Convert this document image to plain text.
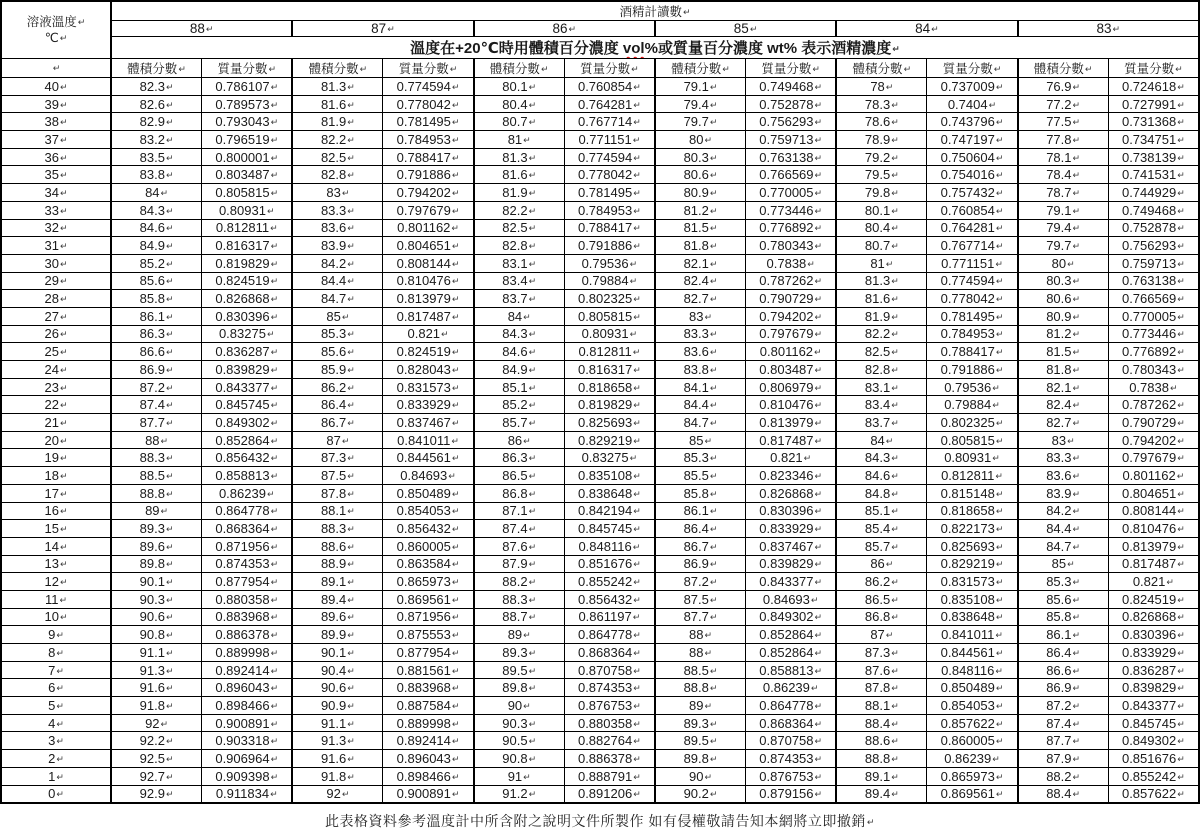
溶液溫度↵
℃↵	酒精計讀數↵											
	88↵		87↵		86↵		85↵		84↵		83↵	
	溫度在+20℃時用體積百分濃度 vol%或質量百分濃度 wt% 表示酒精濃度↵											
↵	體積分數↵	質量分數↵	體積分數↵	質量分數↵	體積分數↵	質量分數↵	體積分數↵	質量分數↵	體積分數↵	質量分數↵	體積分數↵	質量分數↵
40↵	82.3↵	0.786107↵	81.3↵	0.774594↵	80.1↵	0.760854↵	79.1↵	0.749468↵	78↵	0.737009↵	76.9↵	0.724618↵
39↵	82.6↵	0.789573↵	81.6↵	0.778042↵	80.4↵	0.764281↵	79.4↵	0.752878↵	78.3↵	0.7404↵	77.2↵	0.727991↵
38↵	82.9↵	0.793043↵	81.9↵	0.781495↵	80.7↵	0.767714↵	79.7↵	0.756293↵	78.6↵	0.743796↵	77.5↵	0.731368↵
37↵	83.2↵	0.796519↵	82.2↵	0.784953↵	81↵	0.771151↵	80↵	0.759713↵	78.9↵	0.747197↵	77.8↵	0.734751↵
36↵	83.5↵	0.800001↵	82.5↵	0.788417↵	81.3↵	0.774594↵	80.3↵	0.763138↵	79.2↵	0.750604↵	78.1↵	0.738139↵
35↵	83.8↵	0.803487↵	82.8↵	0.791886↵	81.6↵	0.778042↵	80.6↵	0.766569↵	79.5↵	0.754016↵	78.4↵	0.741531↵
34↵	84↵	0.805815↵	83↵	0.794202↵	81.9↵	0.781495↵	80.9↵	0.770005↵	79.8↵	0.757432↵	78.7↵	0.744929↵
33↵	84.3↵	0.80931↵	83.3↵	0.797679↵	82.2↵	0.784953↵	81.2↵	0.773446↵	80.1↵	0.760854↵	79.1↵	0.749468↵
32↵	84.6↵	0.812811↵	83.6↵	0.801162↵	82.5↵	0.788417↵	81.5↵	0.776892↵	80.4↵	0.764281↵	79.4↵	0.752878↵
31↵	84.9↵	0.816317↵	83.9↵	0.804651↵	82.8↵	0.791886↵	81.8↵	0.780343↵	80.7↵	0.767714↵	79.7↵	0.756293↵
30↵	85.2↵	0.819829↵	84.2↵	0.808144↵	83.1↵	0.79536↵	82.1↵	0.7838↵	81↵	0.771151↵	80↵	0.759713↵
29↵	85.6↵	0.824519↵	84.4↵	0.810476↵	83.4↵	0.79884↵	82.4↵	0.787262↵	81.3↵	0.774594↵	80.3↵	0.763138↵
28↵	85.8↵	0.826868↵	84.7↵	0.813979↵	83.7↵	0.802325↵	82.7↵	0.790729↵	81.6↵	0.778042↵	80.6↵	0.766569↵
27↵	86.1↵	0.830396↵	85↵	0.817487↵	84↵	0.805815↵	83↵	0.794202↵	81.9↵	0.781495↵	80.9↵	0.770005↵
26↵	86.3↵	0.83275↵	85.3↵	0.821↵	84.3↵	0.80931↵	83.3↵	0.797679↵	82.2↵	0.784953↵	81.2↵	0.773446↵
25↵	86.6↵	0.836287↵	85.6↵	0.824519↵	84.6↵	0.812811↵	83.6↵	0.801162↵	82.5↵	0.788417↵	81.5↵	0.776892↵
24↵	86.9↵	0.839829↵	85.9↵	0.828043↵	84.9↵	0.816317↵	83.8↵	0.803487↵	82.8↵	0.791886↵	81.8↵	0.780343↵
23↵	87.2↵	0.843377↵	86.2↵	0.831573↵	85.1↵	0.818658↵	84.1↵	0.806979↵	83.1↵	0.79536↵	82.1↵	0.7838↵
22↵	87.4↵	0.845745↵	86.4↵	0.833929↵	85.2↵	0.819829↵	84.4↵	0.810476↵	83.4↵	0.79884↵	82.4↵	0.787262↵
21↵	87.7↵	0.849302↵	86.7↵	0.837467↵	85.7↵	0.825693↵	84.7↵	0.813979↵	83.7↵	0.802325↵	82.7↵	0.790729↵
20↵	88↵	0.852864↵	87↵	0.841011↵	86↵	0.829219↵	85↵	0.817487↵	84↵	0.805815↵	83↵	0.794202↵
19↵	88.3↵	0.856432↵	87.3↵	0.844561↵	86.3↵	0.83275↵	85.3↵	0.821↵	84.3↵	0.80931↵	83.3↵	0.797679↵
18↵	88.5↵	0.858813↵	87.5↵	0.84693↵	86.5↵	0.835108↵	85.5↵	0.823346↵	84.6↵	0.812811↵	83.6↵	0.801162↵
17↵	88.8↵	0.86239↵	87.8↵	0.850489↵	86.8↵	0.838648↵	85.8↵	0.826868↵	84.8↵	0.815148↵	83.9↵	0.804651↵
16↵	89↵	0.864778↵	88.1↵	0.854053↵	87.1↵	0.842194↵	86.1↵	0.830396↵	85.1↵	0.818658↵	84.2↵	0.808144↵
15↵	89.3↵	0.868364↵	88.3↵	0.856432↵	87.4↵	0.845745↵	86.4↵	0.833929↵	85.4↵	0.822173↵	84.4↵	0.810476↵
14↵	89.6↵	0.871956↵	88.6↵	0.860005↵	87.6↵	0.848116↵	86.7↵	0.837467↵	85.7↵	0.825693↵	84.7↵	0.813979↵
13↵	89.8↵	0.874353↵	88.9↵	0.863584↵	87.9↵	0.851676↵	86.9↵	0.839829↵	86↵	0.829219↵	85↵	0.817487↵
12↵	90.1↵	0.877954↵	89.1↵	0.865973↵	88.2↵	0.855242↵	87.2↵	0.843377↵	86.2↵	0.831573↵	85.3↵	0.821↵
11↵	90.3↵	0.880358↵	89.4↵	0.869561↵	88.3↵	0.856432↵	87.5↵	0.84693↵	86.5↵	0.835108↵	85.6↵	0.824519↵
10↵	90.6↵	0.883968↵	89.6↵	0.871956↵	88.7↵	0.861197↵	87.7↵	0.849302↵	86.8↵	0.838648↵	85.8↵	0.826868↵
9↵	90.8↵	0.886378↵	89.9↵	0.875553↵	89↵	0.864778↵	88↵	0.852864↵	87↵	0.841011↵	86.1↵	0.830396↵
8↵	91.1↵	0.889998↵	90.1↵	0.877954↵	89.3↵	0.868364↵	88↵	0.852864↵	87.3↵	0.844561↵	86.4↵	0.833929↵
7↵	91.3↵	0.892414↵	90.4↵	0.881561↵	89.5↵	0.870758↵	88.5↵	0.858813↵	87.6↵	0.848116↵	86.6↵	0.836287↵
6↵	91.6↵	0.896043↵	90.6↵	0.883968↵	89.8↵	0.874353↵	88.8↵	0.86239↵	87.8↵	0.850489↵	86.9↵	0.839829↵
5↵	91.8↵	0.898466↵	90.9↵	0.887584↵	90↵	0.876753↵	89↵	0.864778↵	88.1↵	0.854053↵	87.2↵	0.843377↵
4↵	92↵	0.900891↵	91.1↵	0.889998↵	90.3↵	0.880358↵	89.3↵	0.868364↵	88.4↵	0.857622↵	87.4↵	0.845745↵
3↵	92.2↵	0.903318↵	91.3↵	0.892414↵	90.5↵	0.882764↵	89.5↵	0.870758↵	88.6↵	0.860005↵	87.7↵	0.849302↵
2↵	92.5↵	0.906964↵	91.6↵	0.896043↵	90.8↵	0.886378↵	89.8↵	0.874353↵	88.8↵	0.86239↵	87.9↵	0.851676↵
1↵	92.7↵	0.909398↵	91.8↵	0.898466↵	91↵	0.888791↵	90↵	0.876753↵	89.1↵	0.865973↵	88.2↵	0.855242↵
0↵	92.9↵	0.911834↵	92↵	0.900891↵	91.2↵	0.891206↵	90.2↵	0.879156↵	89.4↵	0.869561↵	88.4↵	0.857622↵
此表格資料參考溫度計中所含附之說明文件所製作 如有侵權敬請告知本網將立即撤銷↵
